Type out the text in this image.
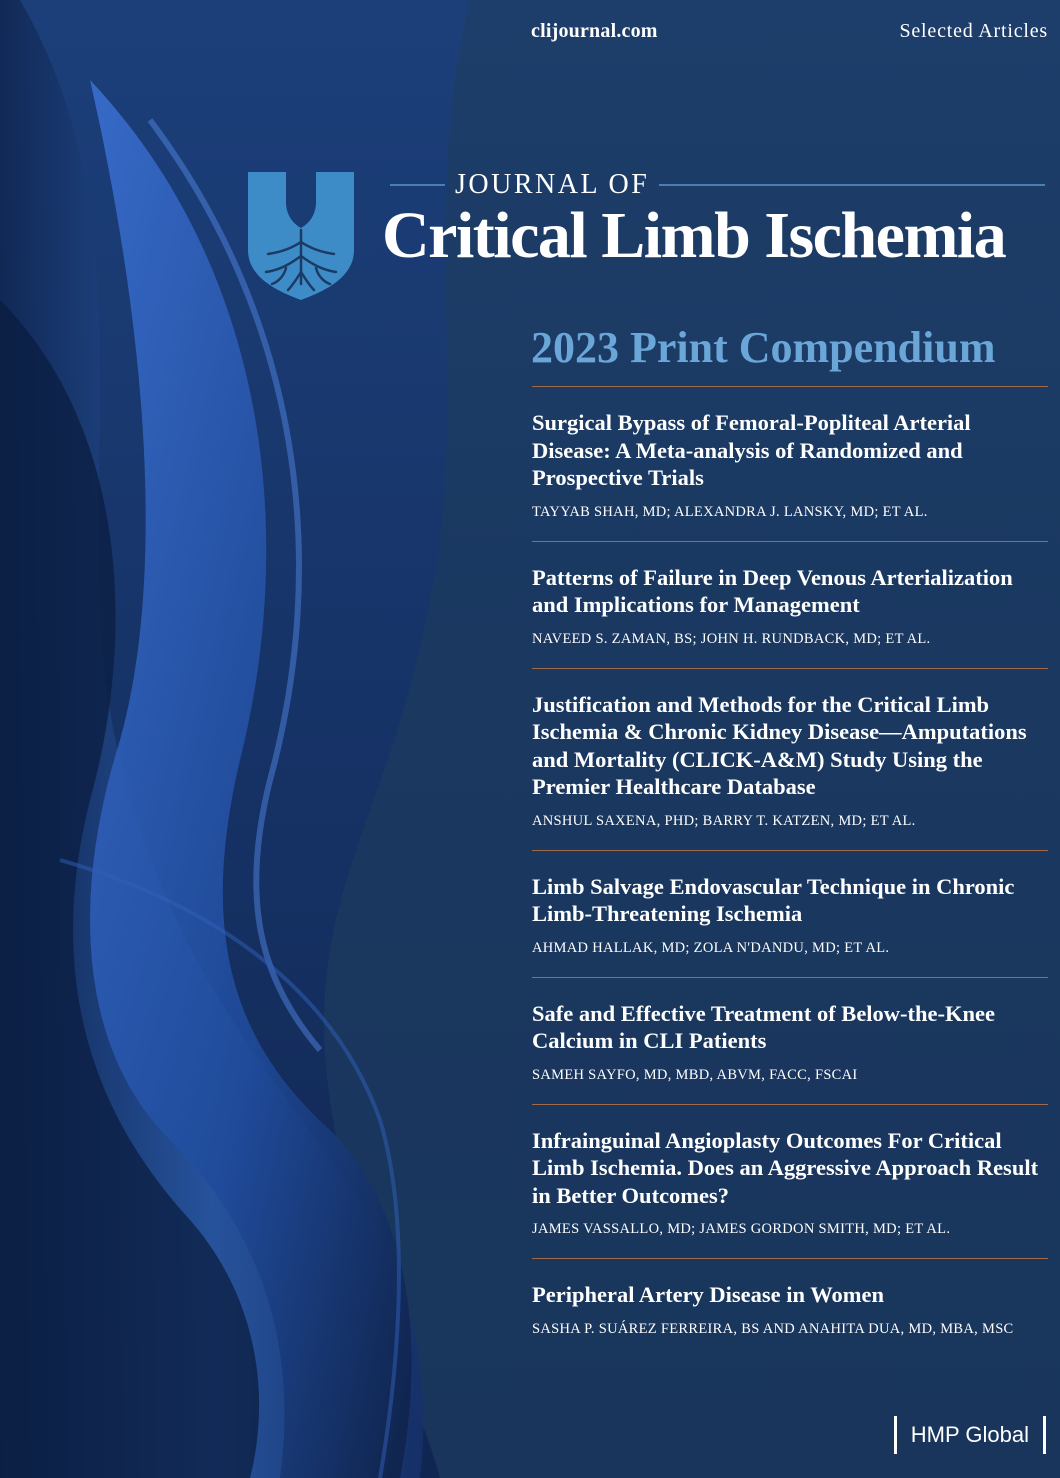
clijournal.com	Selected Articles
JOURNAL OF
Critical Limb Ischemia
2023 Print Compendium
Surgical Bypass of Femoral-Popliteal Arterial Disease: A Meta-analysis of Randomized and Prospective Trials
TAYYAB SHAH, MD; ALEXANDRA J. LANSKY, MD; ET AL.
Patterns of Failure in Deep Venous Arterialization and Implications for Management
NAVEED S. ZAMAN, BS; JOHN H. RUNDBACK, MD; ET AL.
Justification and Methods for the Critical Limb Ischemia & Chronic Kidney Disease—Amputations and Mortality (CLICK-A&M) Study Using the Premier Healthcare Database
ANSHUL SAXENA, PHD; BARRY T. KATZEN, MD; ET AL.
Limb Salvage Endovascular Technique in Chronic Limb-Threatening Ischemia
AHMAD HALLAK, MD; ZOLA N'DANDU, MD; ET AL.
Safe and Effective Treatment of Below-the-Knee Calcium in CLI Patients
SAMEH SAYFO, MD, MBD, ABVM, FACC, FSCAI
Infrainguinal Angioplasty Outcomes For Critical Limb Ischemia. Does an Aggressive Approach Result in Better Outcomes?
JAMES VASSALLO, MD; JAMES GORDON SMITH, MD; ET AL.
Peripheral Artery Disease in Women
SASHA P. SUÁREZ FERREIRA, BS AND ANAHITA DUA, MD, MBA, MSC
HMP Global
